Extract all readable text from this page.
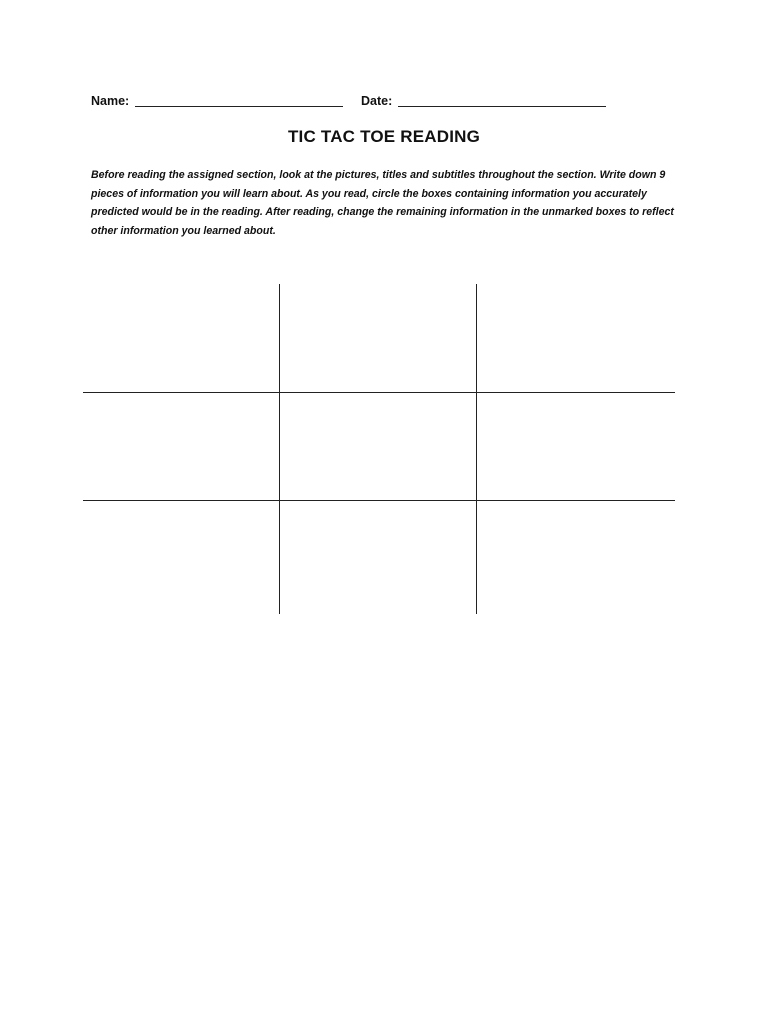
Name:	Date:
TIC TAC TOE READING

Before reading the assigned section, look at the pictures, titles and subtitles throughout the section. Write down 9 pieces of information you will learn about. As you read, circle the boxes containing information you accurately predicted would be in the reading. After reading, change the remaining information in the unmarked boxes to reflect other information you learned about.
